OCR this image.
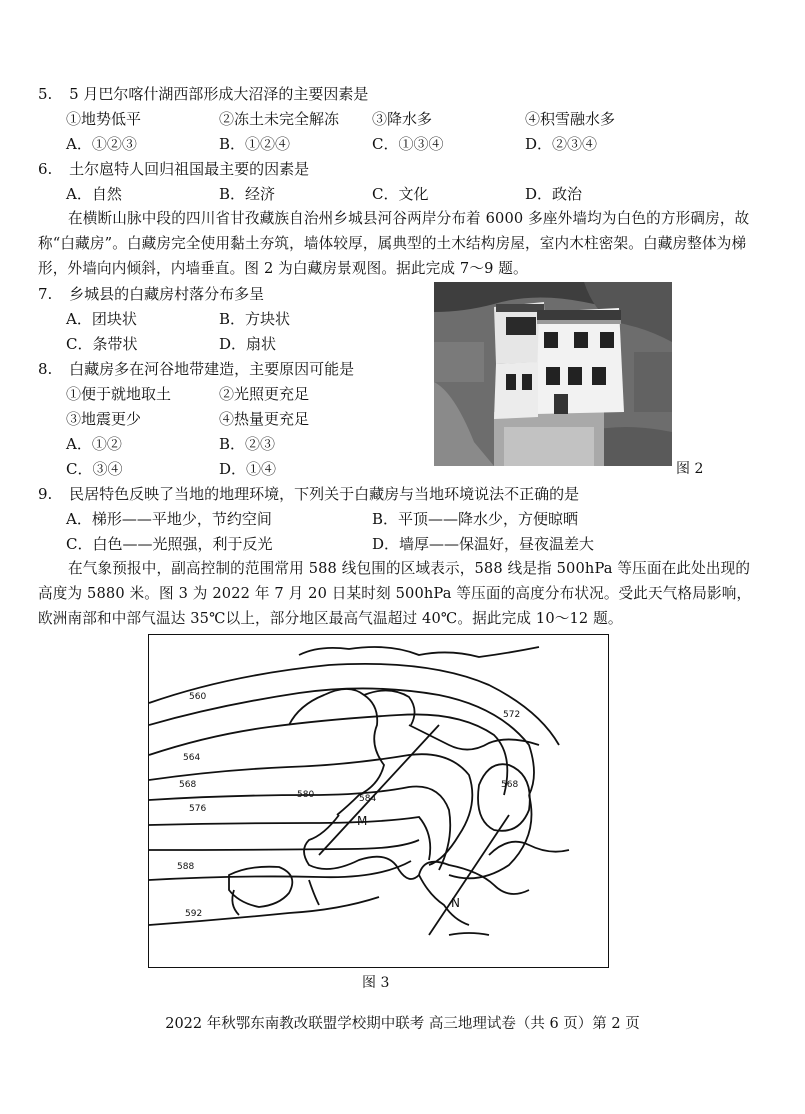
5. 5 月巴尔喀什湖西部形成大沼泽的主要因素是
①地势低平	②冻土未完全解冻 ③降水多	④积雪融水多
A．①②③	B．①②④	C．①③④	D．②③④
6. 土尔扈特人回归祖国最主要的因素是
A．自然	B．经济	C．文化	D．政治
在横断山脉中段的四川省甘孜藏族自治州乡城县河谷两岸分布着 6000 多座外墙均为白色的方形碉房，故称“白藏房”。白藏房完全使用黏土夯筑，墙体较厚，属典型的土木结构房屋，室内木柱密架。白藏房整体为梯形，外墙向内倾斜，内墙垂直。图 2 为白藏房景观图。据此完成 7～9 题。
7. 乡城县的白藏房村落分布多呈
A．团块状	B．方块状
C．条带状	D．扇状
8. 白藏房多在河谷地带建造，主要原因可能是
①便于就地取土	②光照更充足
③地震更少	④热量更充足
A．①②	B．②③
C．③④	D．①④	图 2
9. 民居特色反映了当地的地理环境，下列关于白藏房与当地环境说法不正确的是
A．梯形——平地少，节约空间	B．平顶——降水少，方便晾晒
C．白色——光照强，利于反光	D．墙厚——保温好，昼夜温差大
在气象预报中，副高控制的范围常用 588 线包围的区域表示，588 线是指 500hPa 等压面在此处出现的高度为 5880 米。图 3 为 2022 年 7 月 20 日某时刻 500hPa 等压面的高度分布状况。受此天气格局影响，欧洲南部和中部气温达 35℃以上，部分地区最高气温超过 40℃。据此完成 10～12 题。
560
564
568
576
580	584
588
592
572
568
M
N
图 3
2022 年秋鄂东南教改联盟学校期中联考 高三地理试卷（共 6 页）第 2 页
